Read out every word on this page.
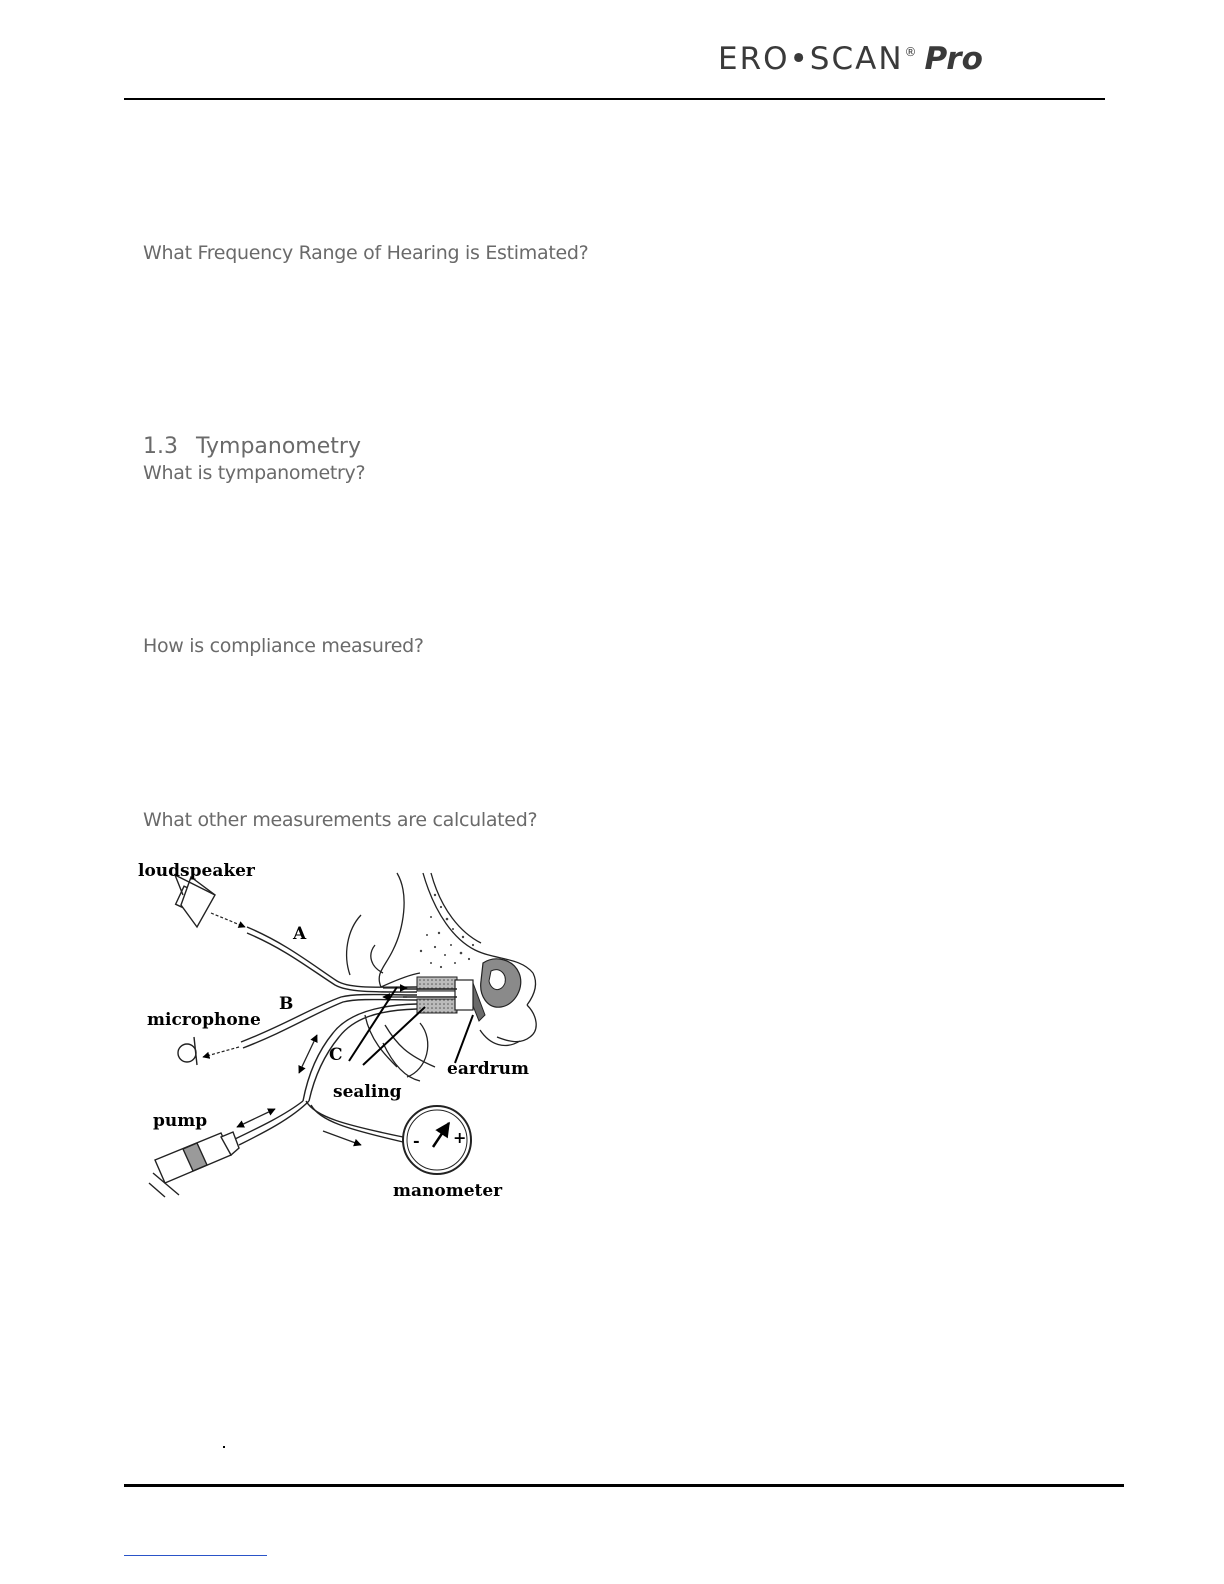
ERO•SCAN ® Pro
What Frequency Range of Hearing is Estimated?
1.3 Tympanometry
What is tympanometry?
How is compliance measured?
What other measurements are calculated?
loudspeaker
A
B
microphone
C
eardrum
sealing
pump
- +
manometer
